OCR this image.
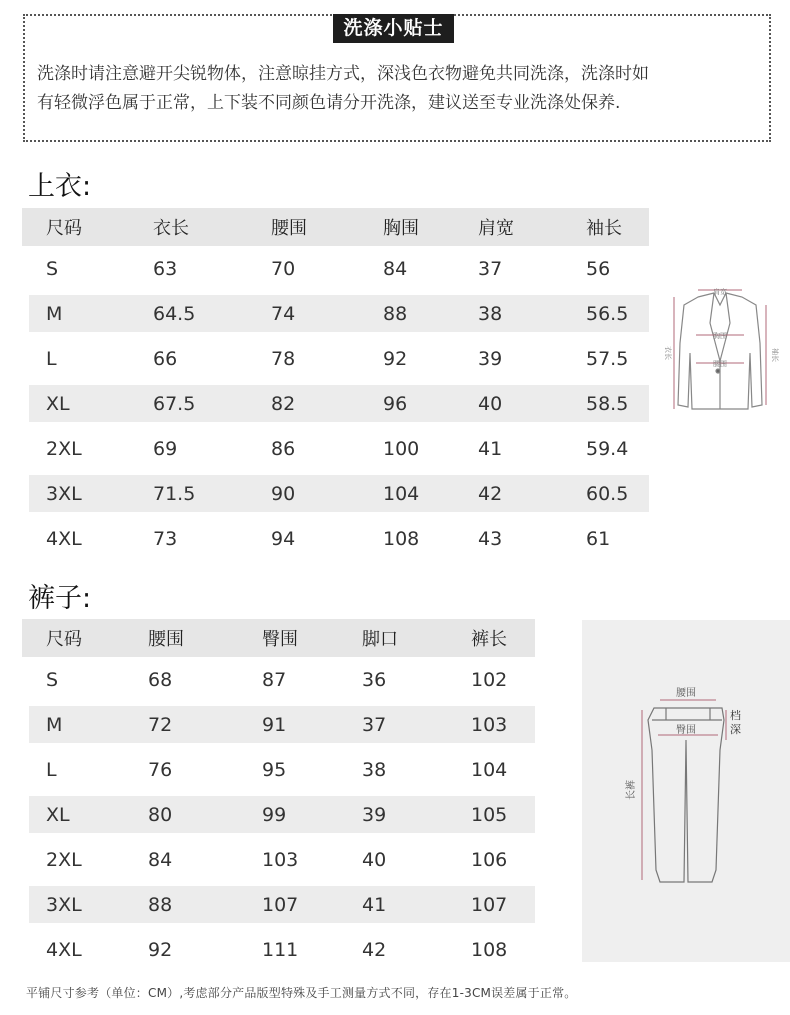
洗涤小贴士
洗涤时请注意避开尖锐物体，注意晾挂方式，深浅色衣物避免共同洗涤，洗涤时如
有轻微浮色属于正常，上下装不同颜色请分开洗涤，建议送至专业洗涤处保养.
上衣:
尺码	衣长	腰围	胸围	肩宽	袖长
S	63	70	84	37	56
M	64.5	74	88	38	56.5
L	66	78	92	39	57.5
XL	67.5	82	96	40	58.5
2XL	69	86	100	41	59.4
3XL	71.5	90	104	42	60.5
4XL	73	94	108	43	61
肩宽
胸围
腰围
衣长	袖长
裤子:
尺码	腰围	臀围	脚口	裤长
S	68	87	36	102
M	72	91	37	103
L	76	95	38	104
XL	80	99	39	105
2XL	84	103	40	106
3XL	88	107	41	107
4XL	92	111	42	108
腰围
臀围
档
深
长裤
平铺尺寸参考（单位：CM）,考虑部分产品版型特殊及手工测量方式不同，存在1-3CM误差属于正常。
